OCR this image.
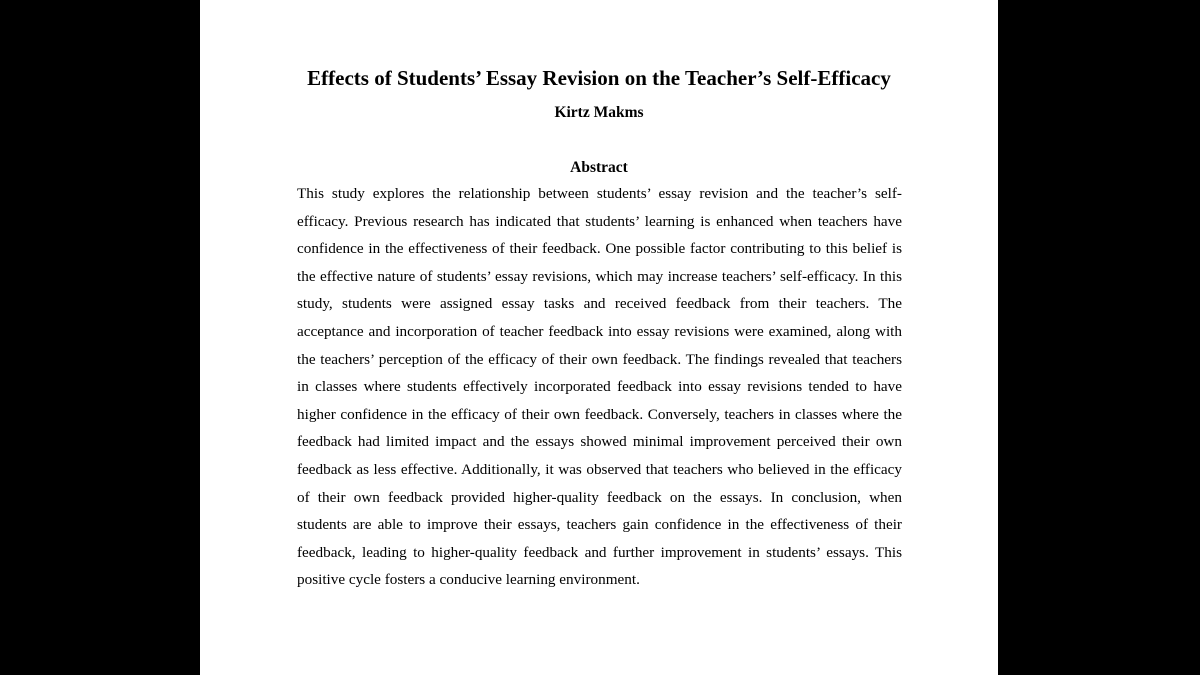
Effects of Students’ Essay Revision on the Teacher’s Self-Efficacy
Kirtz Makms
Abstract

This study explores the relationship between students’ essay revision and the teacher’s self-efficacy. Previous research has indicated that students’ learning is enhanced when teachers have confidence in the effectiveness of their feedback. One possible factor contributing to this belief is the effective nature of students’ essay revisions, which may increase teachers’ self-efficacy. In this study, students were assigned essay tasks and received feedback from their teachers. The acceptance and incorporation of teacher feedback into essay revisions were examined, along with the teachers’ perception of the efficacy of their own feedback. The findings revealed that teachers in classes where students effectively incorporated feedback into essay revisions tended to have higher confidence in the efficacy of their own feedback. Conversely, teachers in classes where the feedback had limited impact and the essays showed minimal improvement perceived their own feedback as less effective. Additionally, it was observed that teachers who believed in the efficacy of their own feedback provided higher-quality feedback on the essays. In conclusion, when students are able to improve their essays, teachers gain confidence in the effectiveness of their feedback, leading to higher-quality feedback and further improvement in students’ essays. This positive cycle fosters a conducive learning environment.
